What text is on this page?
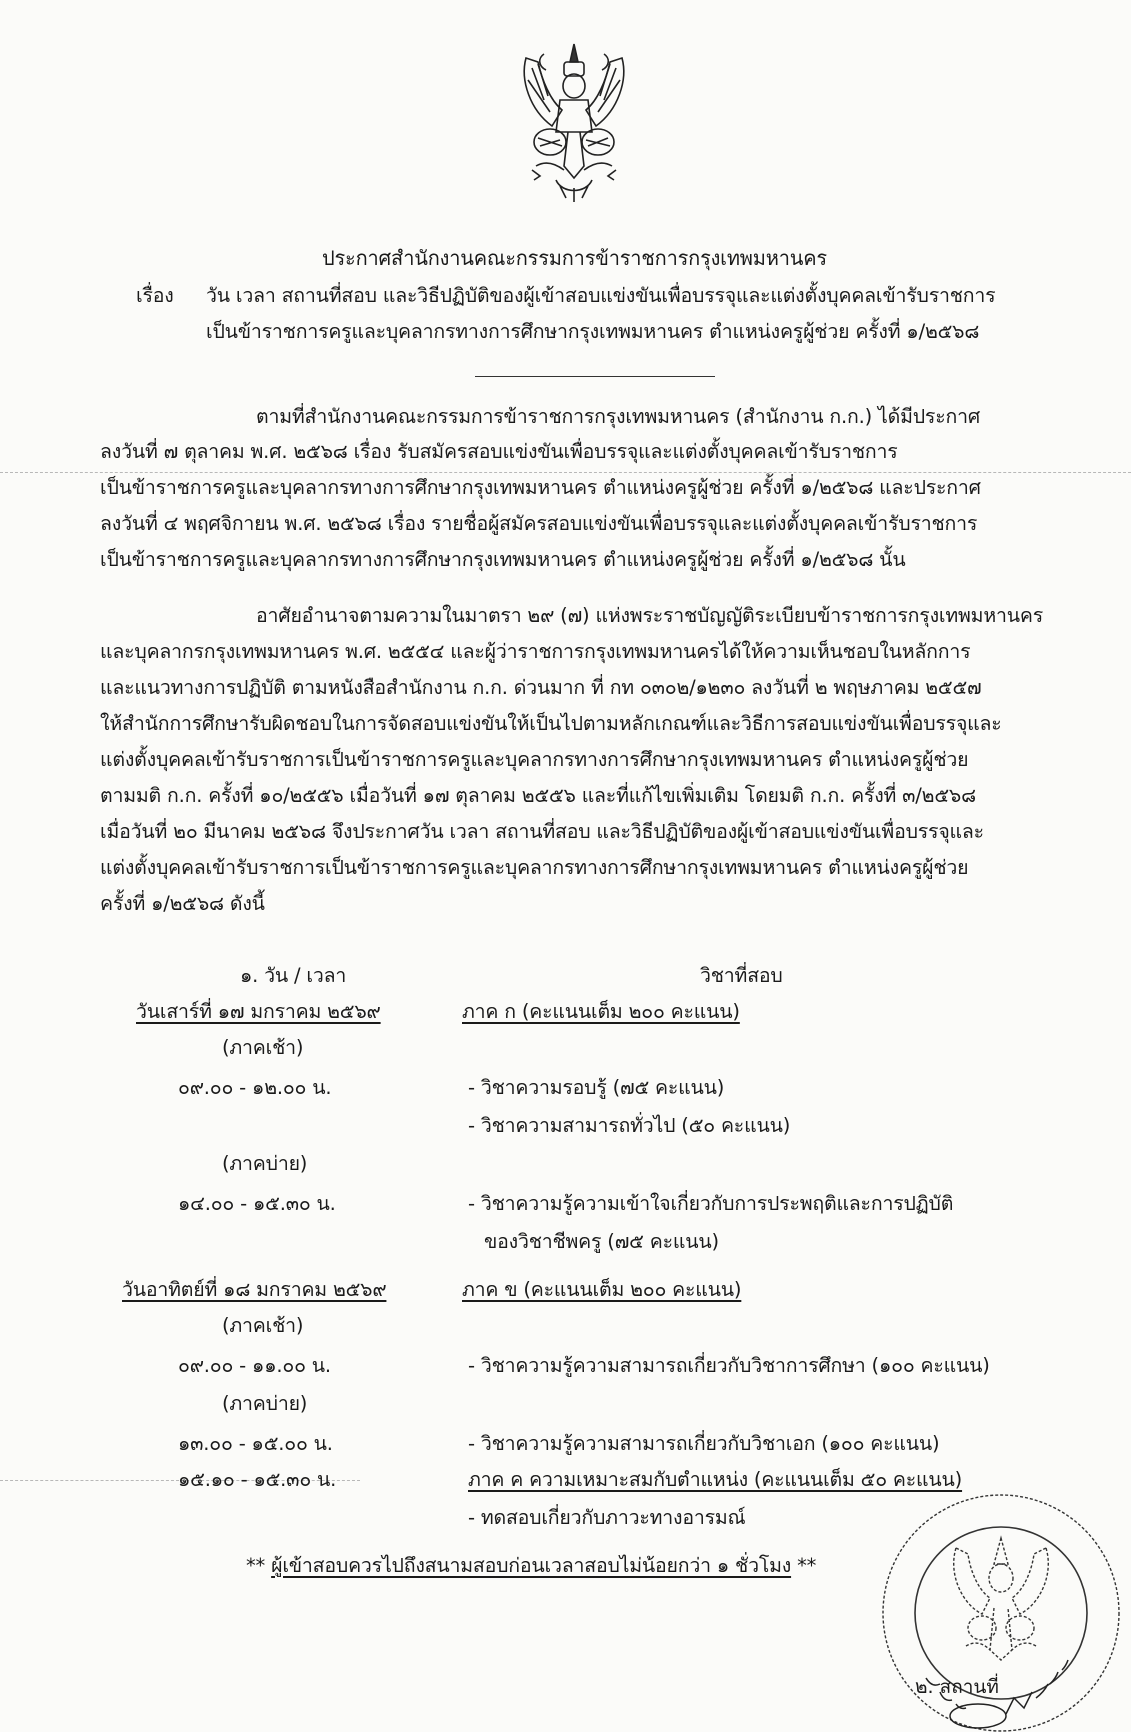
ประกาศสำนักงานคณะกรรมการข้าราชการกรุงเทพมหานคร
เรื่อง วัน เวลา สถานที่สอบ และวิธีปฏิบัติของผู้เข้าสอบแข่งขันเพื่อบรรจุและแต่งตั้งบุคคลเข้ารับราชการ
เป็นข้าราชการครูและบุคลากรทางการศึกษากรุงเทพมหานคร ตำแหน่งครูผู้ช่วย ครั้งที่ ๑/๒๕๖๘
ตามที่สำนักงานคณะกรรมการข้าราชการกรุงเทพมหานคร (สำนักงาน ก.ก.) ได้มีประกาศ
ลงวันที่ ๗ ตุลาคม พ.ศ. ๒๕๖๘ เรื่อง รับสมัครสอบแข่งขันเพื่อบรรจุและแต่งตั้งบุคคลเข้ารับราชการ
เป็นข้าราชการครูและบุคลากรทางการศึกษากรุงเทพมหานคร ตำแหน่งครูผู้ช่วย ครั้งที่ ๑/๒๕๖๘ และประกาศ
ลงวันที่ ๔ พฤศจิกายน พ.ศ. ๒๕๖๘ เรื่อง รายชื่อผู้สมัครสอบแข่งขันเพื่อบรรจุและแต่งตั้งบุคคลเข้ารับราชการ
เป็นข้าราชการครูและบุคลากรทางการศึกษากรุงเทพมหานคร ตำแหน่งครูผู้ช่วย ครั้งที่ ๑/๒๕๖๘ นั้น
อาศัยอำนาจตามความในมาตรา ๒๙ (๗) แห่งพระราชบัญญัติระเบียบข้าราชการกรุงเทพมหานคร
และบุคลากรกรุงเทพมหานคร พ.ศ. ๒๕๕๔ และผู้ว่าราชการกรุงเทพมหานครได้ให้ความเห็นชอบในหลักการ
และแนวทางการปฏิบัติ ตามหนังสือสำนักงาน ก.ก. ด่วนมาก ที่ กท ๐๓๐๒/๑๒๓๐ ลงวันที่ ๒ พฤษภาคม ๒๕๕๗
ให้สำนักการศึกษารับผิดชอบในการจัดสอบแข่งขันให้เป็นไปตามหลักเกณฑ์และวิธีการสอบแข่งขันเพื่อบรรจุและ
แต่งตั้งบุคคลเข้ารับราชการเป็นข้าราชการครูและบุคลากรทางการศึกษากรุงเทพมหานคร ตำแหน่งครูผู้ช่วย
ตามมติ ก.ก. ครั้งที่ ๑๐/๒๕๕๖ เมื่อวันที่ ๑๗ ตุลาคม ๒๕๕๖ และที่แก้ไขเพิ่มเติม โดยมติ ก.ก. ครั้งที่ ๓/๒๕๖๘
เมื่อวันที่ ๒๐ มีนาคม ๒๕๖๘ จึงประกาศวัน เวลา สถานที่สอบ และวิธีปฏิบัติของผู้เข้าสอบแข่งขันเพื่อบรรจุและ
แต่งตั้งบุคคลเข้ารับราชการเป็นข้าราชการครูและบุคลากรทางการศึกษากรุงเทพมหานคร ตำแหน่งครูผู้ช่วย
ครั้งที่ ๑/๒๕๖๘ ดังนี้
๑. วัน / เวลา	วิชาที่สอบ
วันเสาร์ที่ ๑๗ มกราคม ๒๕๖๙	ภาค ก (คะแนนเต็ม ๒๐๐ คะแนน)
(ภาคเช้า)
๐๙.๐๐ - ๑๒.๐๐ น.	- วิชาความรอบรู้ (๗๕ คะแนน)
- วิชาความสามารถทั่วไป (๕๐ คะแนน)
(ภาคบ่าย)
๑๔.๐๐ - ๑๕.๓๐ น.	- วิชาความรู้ความเข้าใจเกี่ยวกับการประพฤติและการปฏิบัติ
ของวิชาชีพครู (๗๕ คะแนน)
วันอาทิตย์ที่ ๑๘ มกราคม ๒๕๖๙	ภาค ข (คะแนนเต็ม ๒๐๐ คะแนน)
(ภาคเช้า)
๐๙.๐๐ - ๑๑.๐๐ น.	- วิชาความรู้ความสามารถเกี่ยวกับวิชาการศึกษา (๑๐๐ คะแนน)
(ภาคบ่าย)
๑๓.๐๐ - ๑๕.๐๐ น.	- วิชาความรู้ความสามารถเกี่ยวกับวิชาเอก (๑๐๐ คะแนน)
๑๕.๑๐ - ๑๕.๓๐ น.	ภาค ค ความเหมาะสมกับตำแหน่ง (คะแนนเต็ม ๕๐ คะแนน)
- ทดสอบเกี่ยวกับภาวะทางอารมณ์
** ผู้เข้าสอบควรไปถึงสนามสอบก่อนเวลาสอบไม่น้อยกว่า ๑ ชั่วโมง **
๒. สถานที่
